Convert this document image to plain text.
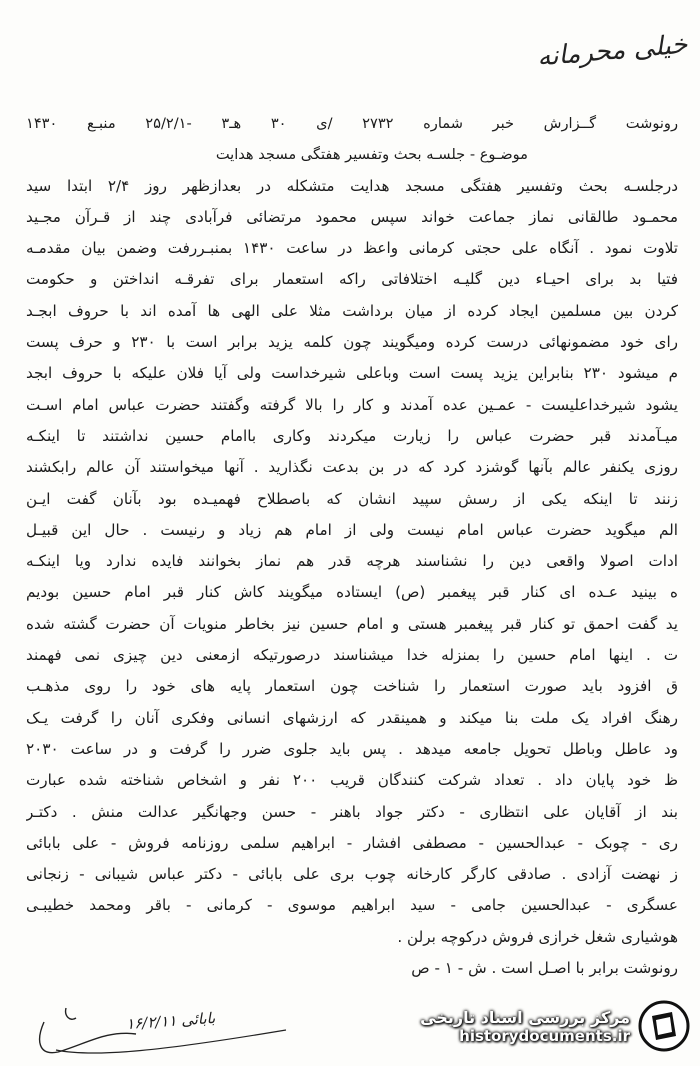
خیلی محرمانه
رونوشت گــزارش خبر شماره ۲۷۳۲ /ی ۳۰ هـ۳ -۲۵/۲/۱ منبـع ۱۴۳۰
موضـوع - جلسـه بحث وتفسیر هفتگی مسجد هدایت
درجلسـه بحث وتفسیر هفتگی مسجد هدایت متشکله در بعدازظهر روز ۲/۴ ابتدا سید
محمـود طالقانی نماز جماعت خواند سپس محمود مرتضائی فرآبادی چند از قـرآن مجـید
تلاوت نمود . آنگاه علی حجتی کرمانی واعظ در ساعت ۱۴۳۰ بمنبـررفت وضمن بیان مقدمـه
فتیا بد برای احیـاء دین گلیـه اختلافاتی راکه استعمار برای تفرقـه انداختن و حکومت
کردن بین مسلمین ایجاد کرده از میان برداشت مثلا علی الهی ها آمده اند با حروف ابجـد
رای خود مضمونهائی درست کرده ومیگویند چون کلمه یزید برابر است با ۲۳۰ و حرف پست
م میشود ۲۳۰ بنابراین یزید پست است وباعلی شیرخداست ولی آیا فلان علیکه با حروف ابجد
یشود شیرخداعلیست - عمـین عده آمدند و کار را بالا گرفته وگفتند حضرت عباس امام اسـت
میـآمدند قبر حضرت عباس را زیارت میکردند وکاری باامام حسین نداشتند تا اینکـه
روزی یکنفر عالم بآنها گوشزد کرد که در بن بدعت نگذارید . آنها میخواستند آن عالم رابکشند
زنند تا اینکه یکی از رسش سپید انشان که باصطلاح فهمیـده بود بآنان گفت ایـن
الم میگوید حضرت عباس امام نیست ولی از امام هم زیاد و رنیست . حال این قبیـل
ادات اصولا واقعی دین را نشناسند هرچه قدر هم نماز بخوانند فایده ندارد ویا اینکـه
ه بینید عـده ای کنار قبر پیغمبر (ص) ایستاده میگویند کاش کنار قبر امام حسین بودیم
ید گفت احمق تو کنار قبر پیغمبر هستی و امام حسین نیز بخاطر منویات آن حضرت گشته شده
ت . اینها امام حسین را بمنزله خدا میشناسند درصورتیکه ازمعنی دین چیزی نمی فهمند
ق افزود باید صورت استعمار را شناخت چون استعمار پایه های خود را روی مذهـب
رهنگ افراد یک ملت بنا میکند و همینقدر که ارزشهای انسانی وفکری آنان را گرفت یـک
ود عاطل وباطل تحویل جامعه میدهد . پس باید جلوی ضرر را گرفت و در ساعت ۲۰۳۰
ظ خود پایان داد . تعداد شرکت کنندگان قریب ۲۰۰ نفر و اشخاص شناخته شده عبارت
بند از آقایان علی انتظاری - دکتر جواد باهنر - حسن وجهانگیر عدالت منش . دکتـر
ری - چوبک - عبدالحسین - مصطفی افشار - ابراهیم سلمی روزنامه فروش - علی بابائی
ز نهضت آزادی . صادقی کارگر کارخانه چوب بری علی بابائی - دکتر عباس شیبانی - زنجانی
عسگری - عبدالحسین جامی - سید ابراهیم موسوی - کرمانی - باقر ومحمد خطیبـی
هوشیاری شغل خرازی فروش درکوچه برلن .
رونوشت برابر با اصـل است . ش - ۱ - ص
۱۶/۲/۱۱ بابائی	مرکز بررسی اسناد تاریخی
historydocuments.ir
